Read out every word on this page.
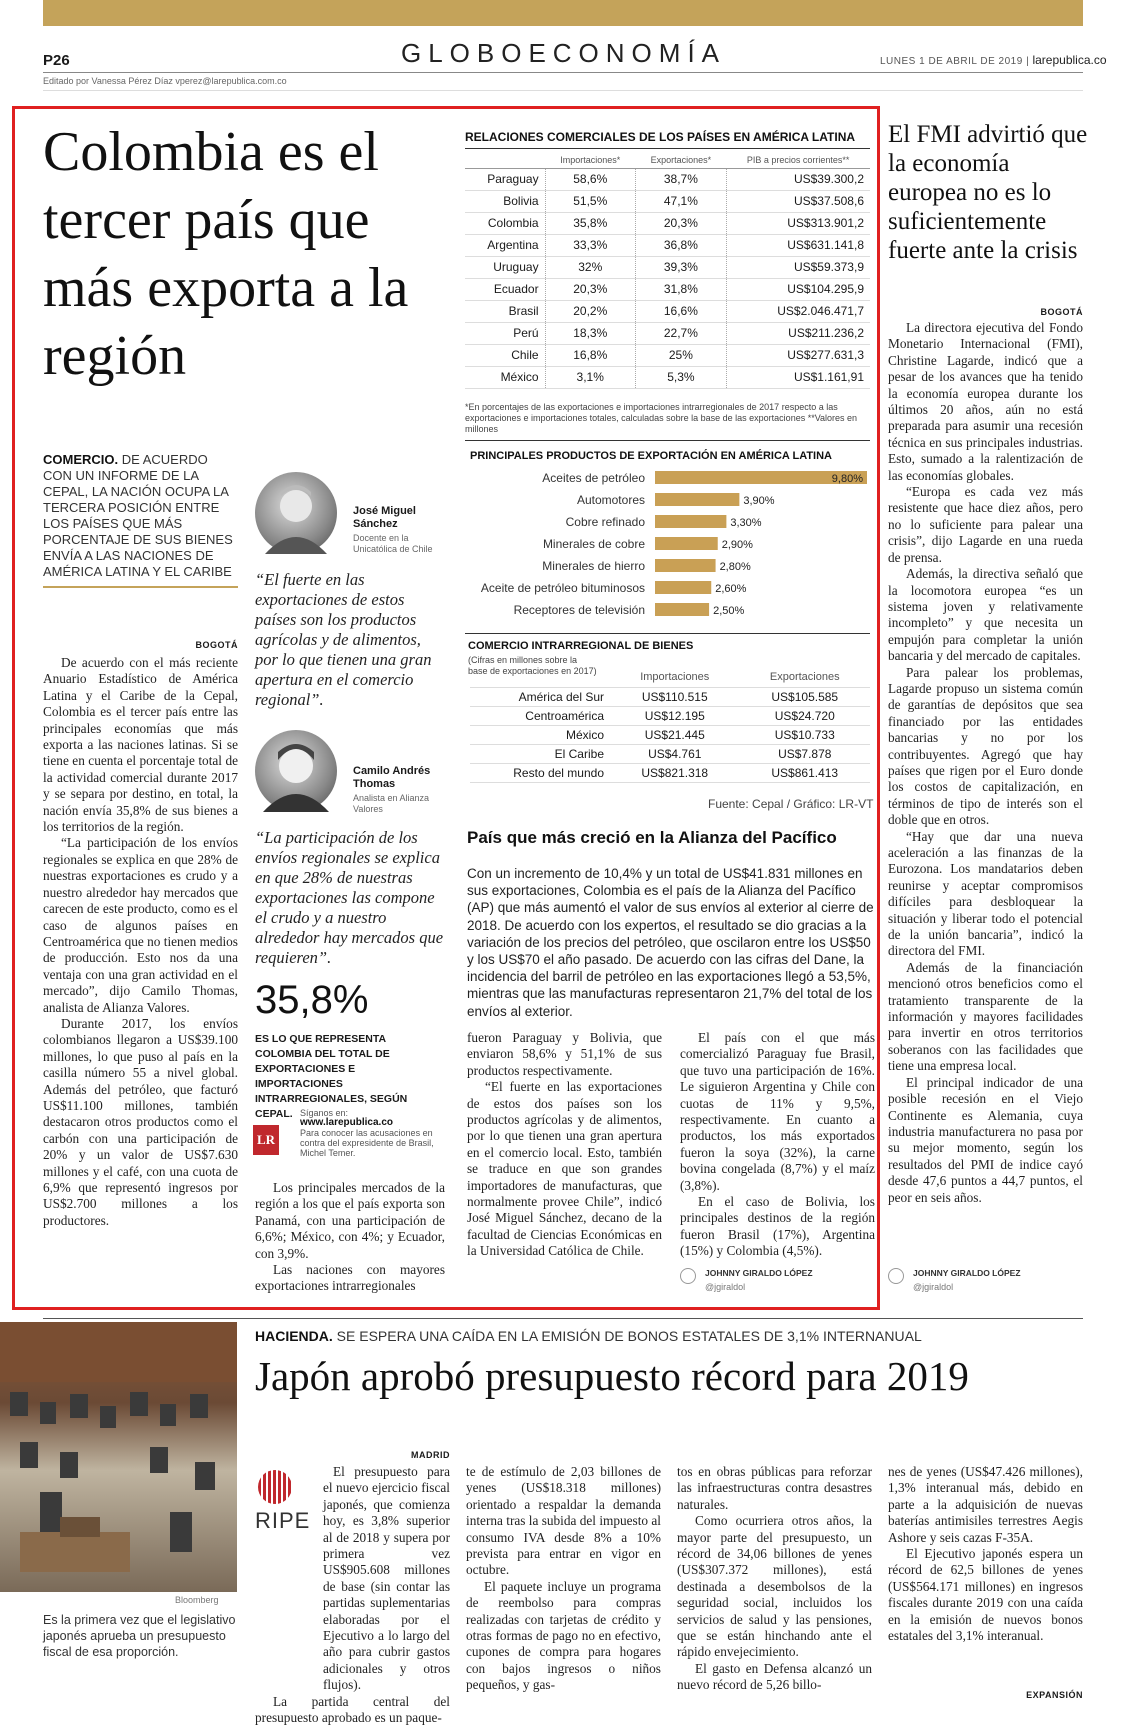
P26	GLOBOECONOMÍA	LUNES 1 DE ABRIL DE 2019 | larepublica.co
Editado por Vanessa Pérez Díaz vperez@larepublica.com.co
Colombia es el tercer país que más exporta a la región
COMERCIO. DE ACUERDO CON UN INFORME DE LA CEPAL, LA NACIÓN OCUPA LA TERCERA POSICIÓN ENTRE LOS PAÍSES QUE MÁS PORCENTAJE DE SUS BIENES ENVÍA A LAS NACIONES DE AMÉRICA LATINA Y EL CARIBE
BOGOTÁ

De acuerdo con el más reciente Anuario Estadístico de América Latina y el Caribe de la Cepal, Colombia es el tercer país entre las principales economías que más exporta a las naciones latinas. Si se tiene en cuenta el porcentaje total de la actividad comercial durante 2017 y se separa por destino, en total, la nación envía 35,8% de sus bienes a los territorios de la región.

“La participación de los envíos regionales se explica en que 28% de nuestras exportaciones es crudo y a nuestro alrededor hay mercados que carecen de este producto, como es el caso de algunos países en Centroamérica que no tienen medios de producción. Esto nos da una ventaja con una gran actividad en el mercado”, dijo Camilo Thomas, analista de Alianza Valores.

Durante 2017, los envíos colombianos llegaron a US$39.100 millones, lo que puso al país en la casilla número 55 a nivel global. Además del petróleo, que facturó US$11.100 millones, también destacaron otros productos como el carbón con una participación de 20% y un valor de US$7.630 millones y el café, con una cuota de 6,9% que representó ingresos por US$2.700 millones a los productores.

José Miguel Sánchez
Docente en la Unicatólica de Chile
“El fuerte en las exportaciones de estos países son los productos agrícolas y de alimentos, por lo que tienen una gran apertura en el comercio regional”.
Camilo Andrés Thomas
Analista en Alianza Valores
“La participación de los envíos regionales se explica en que 28% de nuestras exportaciones las compone el crudo y a nuestro alrededor hay mercados que requieren”.
35,8%
ES LO QUE REPRESENTA COLOMBIA DEL TOTAL DE EXPORTACIONES E IMPORTACIONES INTRARREGIONALES, SEGÚN CEPAL.
LR
Síganos en:
www.larepublica.co
Para conocer las acusaciones en contra del expresidente de Brasil, Michel Temer.

Los principales mercados de la región a los que el país exporta son Panamá, con una participación de 6,6%; México, con 4%; y Ecuador, con 3,9%.

Las naciones con mayores exportaciones intrarregionales

RELACIONES COMERCIALES DE LOS PAÍSES EN AMÉRICA LATINA
	Importaciones*	Exportaciones*	PIB a precios corrientes**
Paraguay	58,6%	38,7%	US$39.300,2
Bolivia	51,5%	47,1%	US$37.508,6
Colombia	35,8%	20,3%	US$313.901,2
Argentina	33,3%	36,8%	US$631.141,8
Uruguay	32%	39,3%	US$59.373,9
Ecuador	20,3%	31,8%	US$104.295,9
Brasil	20,2%	16,6%	US$2.046.471,7
Perú	18,3%	22,7%	US$211.236,2
Chile	16,8%	25%	US$277.631,3
México	3,1%	5,3%	US$1.161,91
*En porcentajes de las exportaciones e importaciones intrarregionales de 2017 respecto a las exportaciones e importaciones totales, calculadas sobre la base de las exportaciones **Valores en millones
PRINCIPALES PRODUCTOS DE EXPORTACIÓN EN AMÉRICA LATINA
Aceites de petróleo	9,80%
Automotores	3,90%
Cobre refinado	3,30%
Minerales de cobre	2,90%
Minerales de hierro	2,80%
Aceite de petróleo bituminosos	2,60%
Receptores de televisión	2,50%
COMERCIO INTRARREGIONAL DE BIENES
(Cifras en millones sobre la base de exportaciones en 2017)
	Importaciones	Exportaciones
América del Sur	US$110.515	US$105.585
Centroamérica	US$12.195	US$24.720
México	US$21.445	US$10.733
El Caribe	US$4.761	US$7.878
Resto del mundo	US$821.318	US$861.413
Fuente: Cepal / Gráfico: LR-VT
País que más creció en la Alianza del Pacífico
Con un incremento de 10,4% y un total de US$41.831 millones en sus exportaciones, Colombia es el país de la Alianza del Pacífico (AP) que más aumentó el valor de sus envíos al exterior al cierre de 2018. De acuerdo con los expertos, el resultado se dio gracias a la variación de los precios del petróleo, que oscilaron entre los US$50 y los US$70 el año pasado. De acuerdo con las cifras del Dane, la incidencia del barril de petróleo en las exportaciones llegó a 53,5%, mientras que las manufacturas representaron 21,7% del total de los envíos al exterior.

fueron Paraguay y Bolivia, que enviaron 58,6% y 51,1% de sus productos respectivamente.

“El fuerte en las exportaciones de estos dos países son los productos agrícolas y de alimentos, por lo que tienen una gran apertura en el comercio local. Esto, también se traduce en que son grandes importadores de manufacturas, que normalmente provee Chile”, indicó José Miguel Sánchez, decano de la facultad de Ciencias Económicas en la Universidad Católica de Chile.

El país con el que más comercializó Paraguay fue Brasil, que tuvo una participación de 16%. Le siguieron Argentina y Chile con cuotas de 11% y 9,5%, respectivamente. En cuanto a productos, los más exportados fueron la soya (32%), la carne bovina congelada (8,7%) y el maíz (3,8%).

En el caso de Bolivia, los principales destinos de la región fueron Brasil (17%), Argentina (15%) y Colombia (4,5%).

JOHNNY GIRALDO LÓPEZ
@jgiraldol
El FMI advirtió que la economía europea no es lo suficientemente fuerte ante la crisis
BOGOTÁ

La directora ejecutiva del Fondo Monetario Internacional (FMI), Christine Lagarde, indicó que a pesar de los avances que ha tenido la economía europea durante los últimos 20 años, aún no está preparada para asumir una recesión técnica en sus principales industrias. Esto, sumado a la ralentización de las economías globales.

“Europa es cada vez más resistente que hace diez años, pero no lo suficiente para palear una crisis”, dijo Lagarde en una rueda de prensa.

Además, la directiva señaló que la locomotora europea “es un sistema joven y relativamente incompleto” y que necesita un empujón para completar la unión bancaria y del mercado de capitales.

Para palear los problemas, Lagarde propuso un sistema común de garantías de depósitos que sea financiado por las entidades bancarias y no por los contribuyentes. Agregó que hay países que rigen por el Euro donde los costos de capitalización, en términos de tipo de interés son el doble que en otros.

“Hay que dar una nueva aceleración a las finanzas de la Eurozona. Los mandatarios deben reunirse y aceptar compromisos difíciles para desbloquear la situación y liberar todo el potencial de la unión bancaria”, indicó la directora del FMI.

Además de la financiación mencionó otros beneficios como el tratamiento transparente de la información y mayores facilidades para invertir en otros territorios soberanos con las facilidades que tiene una empresa local.

El principal indicador de una posible recesión en el Viejo Continente es Alemania, cuya industria manufacturera no pasa por su mejor momento, según los resultados del PMI de indice cayó desde 47,6 puntos a 44,7 puntos, el peor en seis años.

JOHNNY GIRALDO LÓPEZ
@jgiraldol
Bloomberg
Es la primera vez que el legislativo japonés aprueba un presupuesto fiscal de esa proporción.
HACIENDA. SE ESPERA UNA CAÍDA EN LA EMISIÓN DE BONOS ESTATALES DE 3,1% INTERNANUAL
Japón aprobó presupuesto récord para 2019
MADRID
RIPE

El presupuesto para el nuevo ejercicio fiscal japonés, que comienza hoy, es 3,8% superior al de 2018 y supera por primera vez US$905.608 millones de base (sin contar las partidas suplementarias elaboradas por el Ejecutivo a lo largo del año para cubrir gastos adicionales y otros flujos).

La partida central del presupuesto aprobado es un paque-

te de estímulo de 2,03 billones de yenes (US$18.318 millones) orientado a respaldar la demanda interna tras la subida del impuesto al consumo IVA desde 8% a 10% prevista para entrar en vigor en octubre.

El paquete incluye un programa de reembolso para compras realizadas con tarjetas de crédito y otras formas de pago no en efectivo, cupones de compra para hogares con bajos ingresos o niños pequeños, y gas-

tos en obras públicas para reforzar las infraestructuras contra desastres naturales.

Como ocurriera otros años, la mayor parte del presupuesto, un récord de 34,06 billones de yenes (US$307.372 millones), está destinada a desembolsos de la seguridad social, incluidos los servicios de salud y las pensiones, que se están hinchando ante el rápido envejecimiento.

El gasto en Defensa alcanzó un nuevo récord de 5,26 billo-

nes de yenes (US$47.426 millones), 1,3% interanual más, debido en parte a la adquisición de nuevas baterías antimisiles terrestres Aegis Ashore y seis cazas F-35A.

El Ejecutivo japonés espera un récord de 62,5 billones de yenes (US$564.171 millones) en ingresos fiscales durante 2019 con una caída en la emisión de nuevos bonos estatales del 3,1% interanual.

EXPANSIÓN
